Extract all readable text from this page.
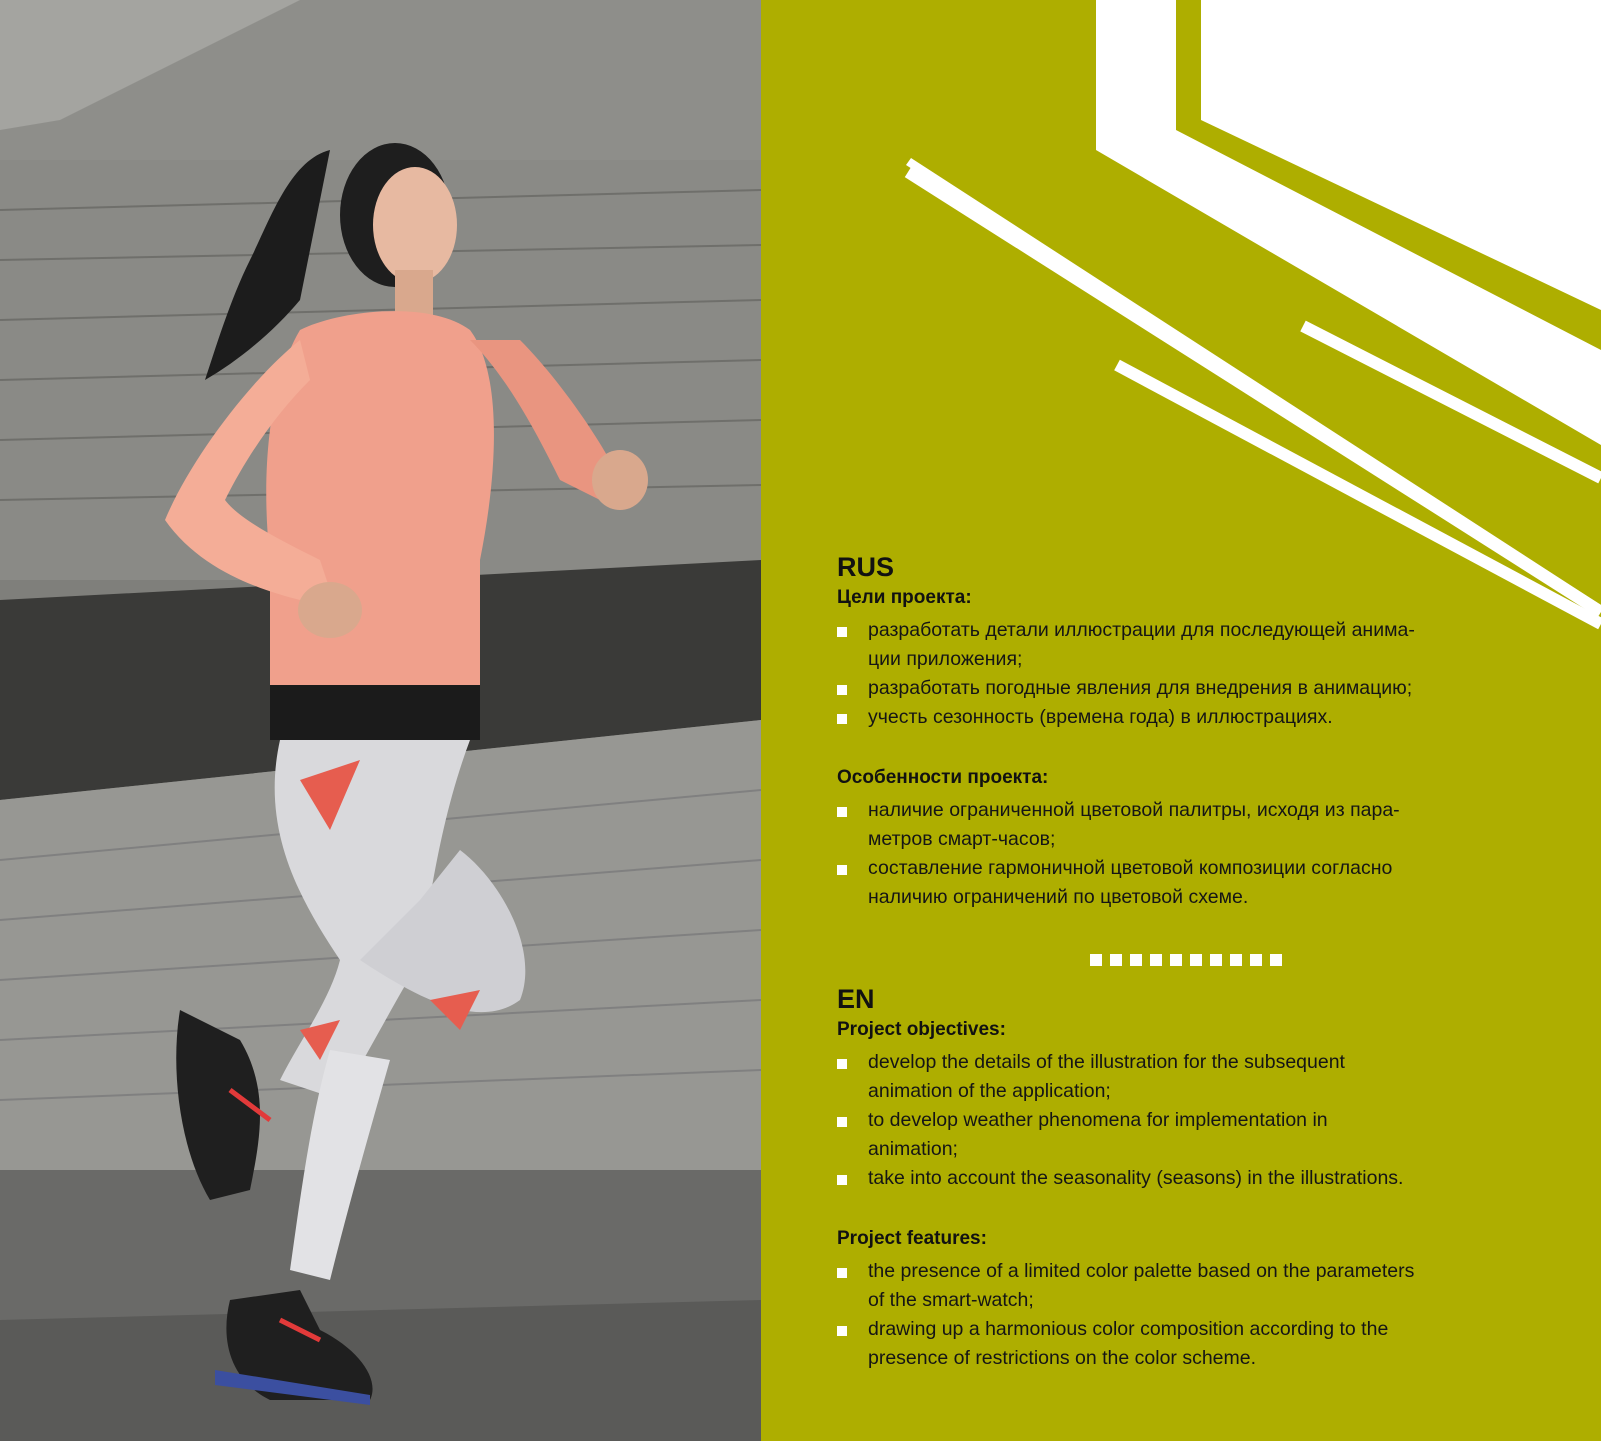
RUS
Цели проекта:
разработать детали иллюстрации для последующей анима-
ции приложения;
разработать погодные явления для внедрения в анимацию;
учесть сезонность (времена года) в иллюстрациях.
Особенности проекта:
наличие ограниченной цветовой палитры, исходя из пара-
метров смарт-часов;
составление гармоничной цветовой композиции согласно
наличию ограничений по цветовой схеме.
EN
Project objectives:
develop the details of the illustration for the subsequent
animation of the application;
to develop weather phenomena for implementation in
animation;
take into account the seasonality (seasons) in the illustrations.
Project features:
the presence of a limited color palette based on the parameters
of the smart-watch;
drawing up a harmonious color composition according to the
presence of restrictions on the color scheme.
